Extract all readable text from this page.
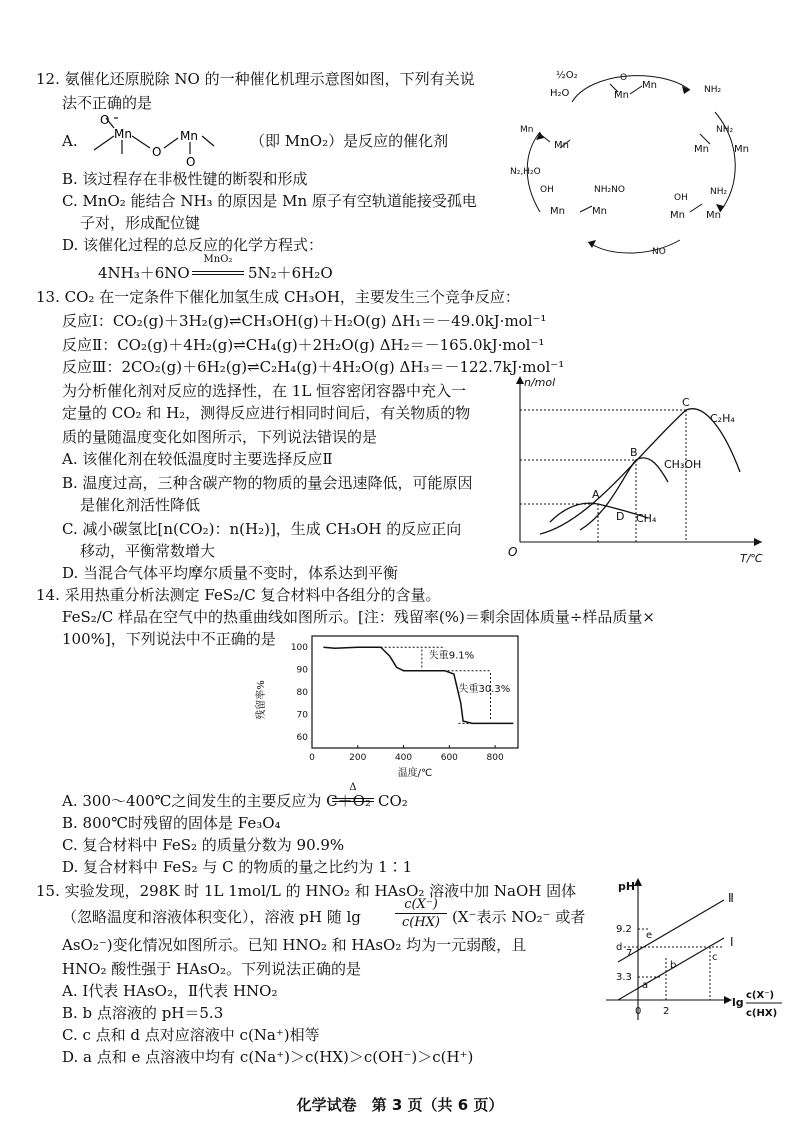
12. 氨催化还原脱除 NO 的一种催化机理示意图如图，下列有关说
法不正确的是
A.
O
Mn
O
Mn
O
（即 MnO₂）是反应的催化剂
B. 该过程存在非极性键的断裂和形成
C. MnO₂ 能结合 NH₃ 的原因是 Mn 原子有空轨道能接受孤电
子对，形成配位键
D. 该催化过程的总反应的化学方程式：
4NH₃＋6NO
MnO₂
5N₂＋6H₂O
½O₂
H₂O
O
Mn
Mn	NH₂
Mn
Mn
NH₂
Mn	Mn
N₂,H₂O
OH	NH₂NO
Mn	Mn
OH
NH₂
Mn Mn
NO
13. CO₂ 在一定条件下催化加氢生成 CH₃OH，主要发生三个竞争反应：
反应Ⅰ：CO₂(g)＋3H₂(g)⇌CH₃OH(g)＋H₂O(g) ΔH₁＝－49.0kJ·mol⁻¹
反应Ⅱ：CO₂(g)＋4H₂(g)⇌CH₄(g)＋2H₂O(g) ΔH₂＝－165.0kJ·mol⁻¹
反应Ⅲ：2CO₂(g)＋6H₂(g)⇌C₂H₄(g)＋4H₂O(g) ΔH₃＝－122.7kJ·mol⁻¹
为分析催化剂对反应的选择性，在 1L 恒容密闭容器中充入一
定量的 CO₂ 和 H₂，测得反应进行相同时间后，有关物质的物
质的量随温度变化如图所示，下列说法错误的是
A. 该催化剂在较低温度时主要选择反应Ⅱ
B. 温度过高，三种含碳产物的物质的量会迅速降低，可能原因
是催化剂活性降低
C. 减小碳氢比[n(CO₂)：n(H₂)]，生成 CH₃OH 的反应正向
移动，平衡常数增大
D. 当混合气体平均摩尔质量不变时，体系达到平衡
O
n/mol
T/℃
A
B
C
D
C₂H₄
CH₃OH
CH₄
14. 采用热重分析法测定 FeS₂/C 复合材料中各组分的含量。
FeS₂/C 样品在空气中的热重曲线如图所示。[注：残留率(%)＝剩余固体质量÷样品质量×
100%]，下列说法中不正确的是
0	200	400	600	800
60
70
80
90
100
残留率%
温度/℃
失重9.1%
失重30.3%
A. 300～400℃之间发生的主要反应为 C＋O₂
Δ
CO₂
B. 800℃时残留的固体是 Fe₃O₄
C. 复合材料中 FeS₂ 的质量分数为 90.9%
D. 复合材料中 FeS₂ 与 C 的物质的量之比约为 1∶1
15. 实验发现，298K 时 1L 1mol/L 的 HNO₂ 和 HAsO₂ 溶液中加 NaOH 固体
（忽略温度和溶液体积变化），溶液 pH 随 lg
c(X⁻)
c(HX) (X⁻表示 NO₂⁻ 或者
AsO₂⁻)变化情况如图所示。已知 HNO₂ 和 HAsO₂ 均为一元弱酸，且
HNO₂ 酸性强于 HAsO₂。下列说法正确的是
A. Ⅰ代表 HAsO₂，Ⅱ代表 HNO₂
B. b 点溶液的 pH＝5.3
C. c 点和 d 点对应溶液中 c(Na⁺)相等
D. a 点和 e 点溶液中均有 c(Na⁺)＞c(HX)＞c(OH⁻)＞c(H⁺)
pH
Ⅱ
Ⅰ
9.2
7
3.3
0 2
a
b
c
d
e
lg
c(X⁻)
c(HX)
化学试卷　第 3 页（共 6 页）
